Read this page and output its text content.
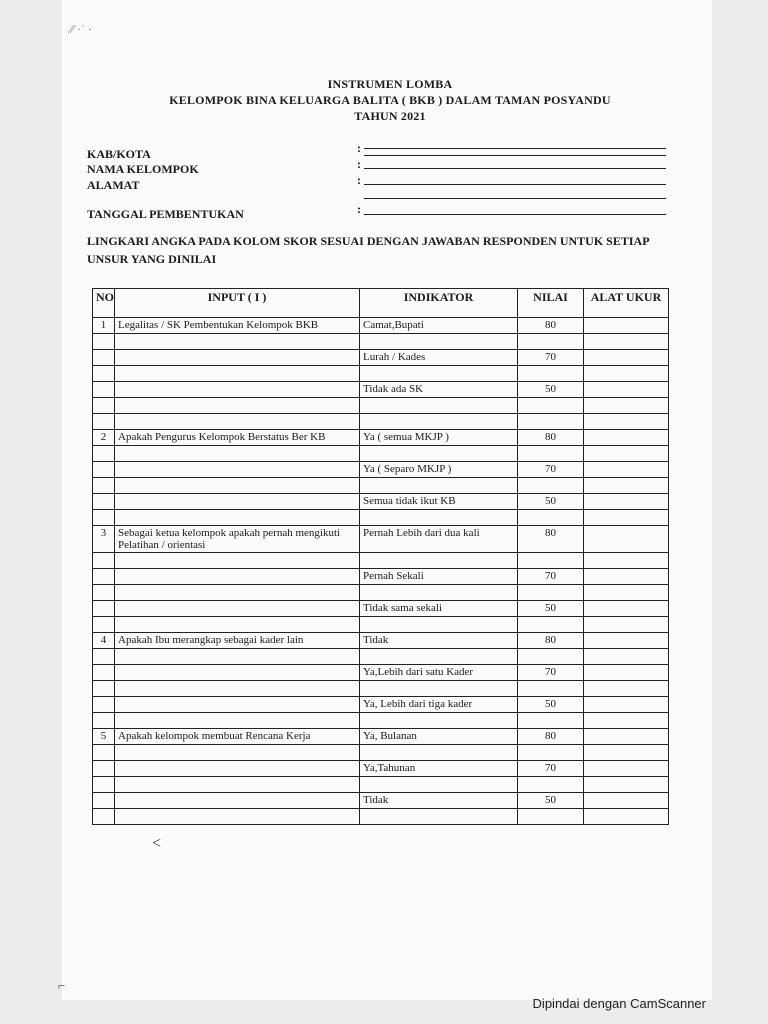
∕∕ ·˙ ·
INSTRUMEN LOMBA
KELOMPOK BINA KELUARGA BALITA ( BKB ) DALAM TAMAN POSYANDU
TAHUN 2021
KAB/KOTA	:
NAMA KELOMPOK	:
ALAMAT	:
TANGGAL PEMBENTUKAN	:
LINGKARI ANGKA PADA KOLOM SKOR SESUAI DENGAN JAWABAN RESPONDEN UNTUK SETIAP UNSUR YANG DINILAI
NO	INPUT ( I )	INDIKATOR	NILAI	ALAT UKUR
1	Legalitas / SK Pembentukan Kelompok BKB	Camat,Bupati	80	

		Lurah / Kades	70	

		Tidak ada SK	50	

2	Apakah Pengurus Kelompok Berstatus Ber KB	Ya ( semua MKJP )	80	

		Ya ( Separo MKJP )	70	

		Semua tidak ikut KB	50	

3	Sebagai ketua kelompok apakah pernah mengikuti Pelatihan / orientasi	Pernah Lebih dari dua kali	80	

		Pernah Sekali	70	

		Tidak sama sekali	50	

4	Apakah Ibu merangkap sebagai kader lain	Tidak	80	

		Ya,Lebih dari satu Kader	70	

		Ya, Lebih dari tiga kader	50	

5	Apakah kelompok membuat Rencana Kerja	Ya, Bulanan	80	

		Ya,Tahunan	70	

		Tidak	50	

<
⌐
Dipindai dengan CamScanner
